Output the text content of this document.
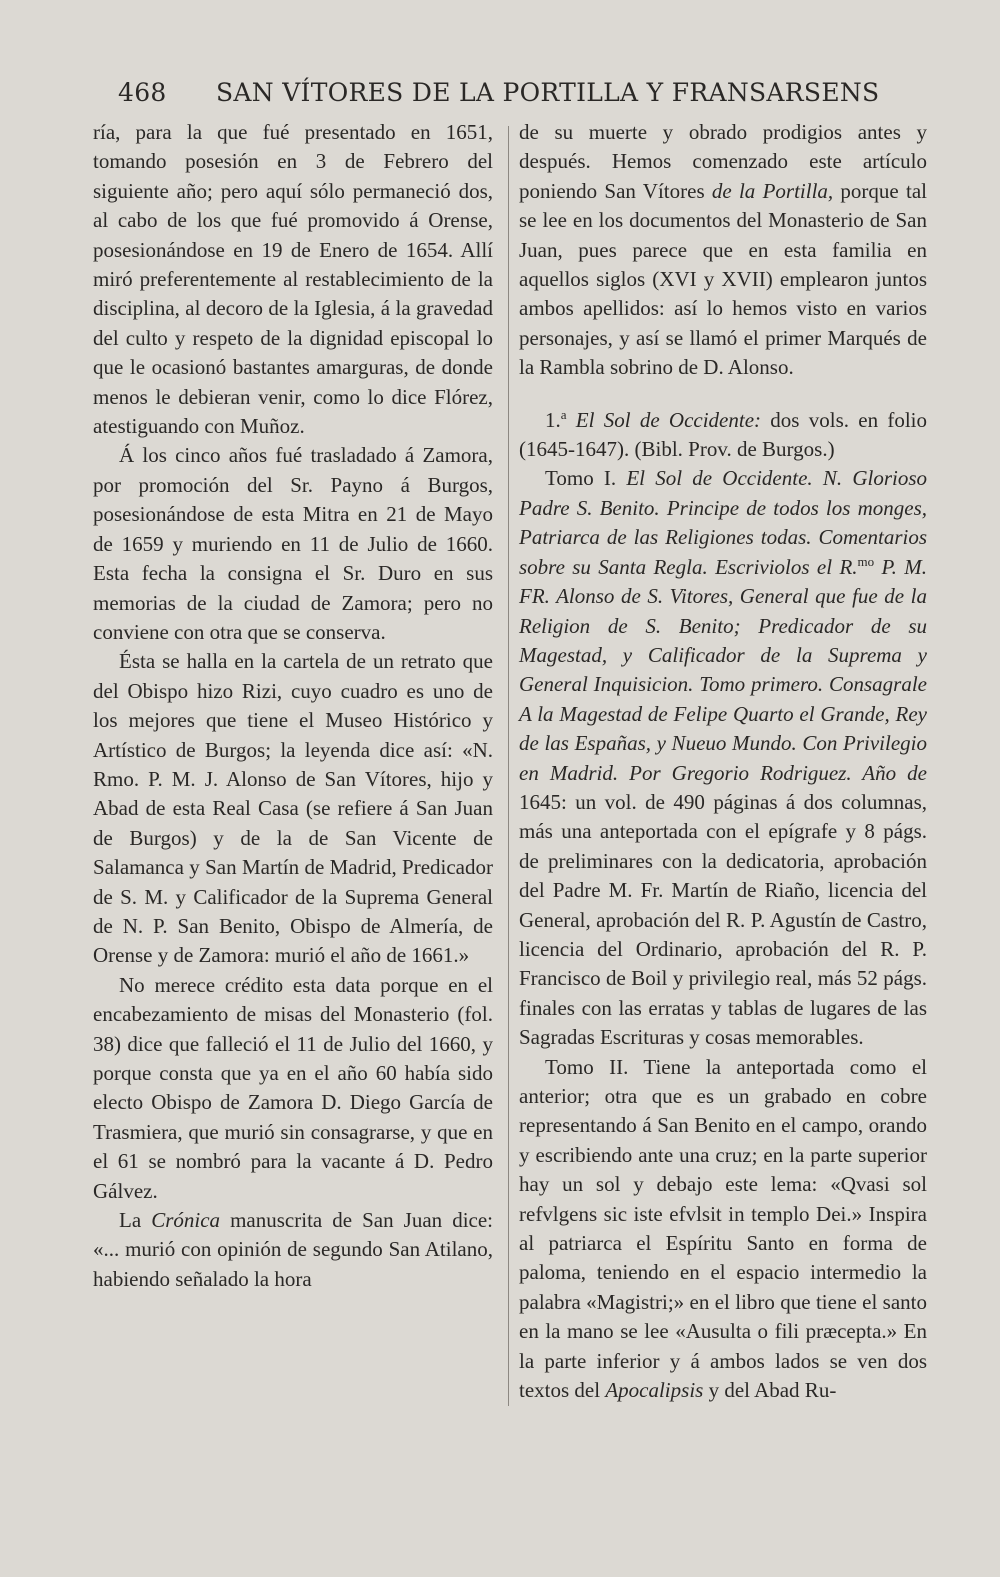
468 SAN VÍTORES DE LA PORTILLA Y FRANSARSENS

ría, para la que fué presentado en 1651, tomando posesión en 3 de Febrero del siguiente año; pero aquí sólo permaneció dos, al cabo de los que fué promovido á Orense, posesionándose en 19 de Enero de 1654. Allí miró preferentemente al restablecimiento de la disciplina, al decoro de la Iglesia, á la gravedad del culto y respeto de la dignidad episcopal lo que le ocasionó bastantes amarguras, de donde menos le debieran venir, como lo dice Flórez, atestiguando con Muñoz.

Á los cinco años fué trasladado á Zamora, por promoción del Sr. Payno á Burgos, posesionándose de esta Mitra en 21 de Mayo de 1659 y muriendo en 11 de Julio de 1660. Esta fecha la consigna el Sr. Duro en sus memorias de la ciudad de Zamora; pero no conviene con otra que se conserva.

Ésta se halla en la cartela de un retrato que del Obispo hizo Rizi, cuyo cuadro es uno de los mejores que tiene el Museo Histórico y Artístico de Burgos; la leyenda dice así: «N. Rmo. P. M. J. Alonso de San Vítores, hijo y Abad de esta Real Casa (se refiere á San Juan de Burgos) y de la de San Vicente de Salamanca y San Martín de Madrid, Predicador de S. M. y Calificador de la Suprema General de N. P. San Benito, Obispo de Almería, de Orense y de Zamora: murió el año de 1661.»

No merece crédito esta data porque en el encabezamiento de misas del Monasterio (fol. 38) dice que falleció el 11 de Julio del 1660, y porque consta que ya en el año 60 había sido electo Obispo de Zamora D. Diego García de Trasmiera, que murió sin consagrarse, y que en el 61 se nombró para la vacante á D. Pedro Gálvez.

La Crónica manuscrita de San Juan dice: «... murió con opinión de segundo San Atilano, habiendo señalado la hora

de su muerte y obrado prodigios antes y después. Hemos comenzado este artículo poniendo San Vítores de la Portilla, porque tal se lee en los documentos del Monasterio de San Juan, pues parece que en esta familia en aquellos siglos (XVI y XVII) emplearon juntos ambos apellidos: así lo hemos visto en varios personajes, y así se llamó el primer Marqués de la Rambla sobrino de D. Alonso.

1.$^a$ El Sol de Occidente: dos vols. en folio (1645-1647). (Bibl. Prov. de Burgos.)

Tomo I. El Sol de Occidente. N. Glorioso Padre S. Benito. Principe de todos los monges, Patriarca de las Religiones todas. Comentarios sobre su Santa Regla. Escriviolos el R.$^{mo}$ P. M. FR. Alonso de S. Vitores, General que fue de la Religion de S. Benito; Predicador de su Magestad, y Calificador de la Suprema y General Inquisicion. Tomo primero. Consagrale A la Magestad de Felipe Quarto el Grande, Rey de las Españas, y Nueuo Mundo. Con Privilegio en Madrid. Por Gregorio Rodriguez. Año de 1645: un vol. de 490 páginas á dos columnas, más una anteportada con el epígrafe y 8 págs. de preliminares con la dedicatoria, aprobación del Padre M. Fr. Martín de Riaño, licencia del General, aprobación del R. P. Agustín de Castro, licencia del Ordinario, aprobación del R. P. Francisco de Boil y privilegio real, más 52 págs. finales con las erratas y tablas de lugares de las Sagradas Escrituras y cosas memorables.

Tomo II. Tiene la anteportada como el anterior; otra que es un grabado en cobre representando á San Benito en el campo, orando y escribiendo ante una cruz; en la parte superior hay un sol y debajo este lema: «Qvasi sol refvlgens sic iste efvlsit in templo Dei.» Inspira al patriarca el Espíritu Santo en forma de paloma, teniendo en el espacio intermedio la palabra «Magistri;» en el libro que tiene el santo en la mano se lee «Ausulta o fili præcepta.» En la parte inferior y á ambos lados se ven dos textos del Apocalipsis y del Abad Ru-
